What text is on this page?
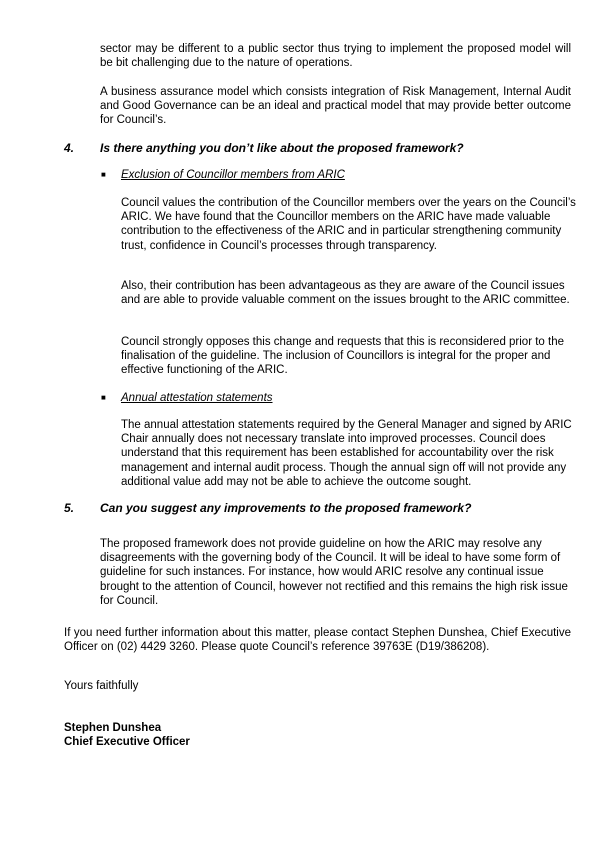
sector may be different to a public sector thus trying to implement the proposed model will be bit challenging due to the nature of operations.

A business assurance model which consists integration of Risk Management, Internal Audit and Good Governance can be an ideal and practical model that may provide better outcome for Council’s.

4. Is there anything you don’t like about the proposed framework?
■ Exclusion of Councillor members from ARIC

Council values the contribution of the Councillor members over the years on the Council’s ARIC. We have found that the Councillor members on the ARIC have made valuable contribution to the effectiveness of the ARIC and in particular strengthening community trust, confidence in Council’s processes through transparency.

Also, their contribution has been advantageous as they are aware of the Council issues and are able to provide valuable comment on the issues brought to the ARIC committee.

Council strongly opposes this change and requests that this is reconsidered prior to the finalisation of the guideline. The inclusion of Councillors is integral for the proper and effective functioning of the ARIC.

■ Annual attestation statements

The annual attestation statements required by the General Manager and signed by ARIC Chair annually does not necessary translate into improved processes. Council does understand that this requirement has been established for accountability over the risk management and internal audit process. Though the annual sign off will not provide any additional value add may not be able to achieve the outcome sought.

5. Can you suggest any improvements to the proposed framework?

The proposed framework does not provide guideline on how the ARIC may resolve any disagreements with the governing body of the Council. It will be ideal to have some form of guideline for such instances. For instance, how would ARIC resolve any continual issue brought to the attention of Council, however not rectified and this remains the high risk issue for Council.

If you need further information about this matter, please contact Stephen Dunshea, Chief Executive Officer on (02) 4429 3260. Please quote Council’s reference 39763E (D19/386208).

Yours faithfully

Stephen Dunshea

Chief Executive Officer
